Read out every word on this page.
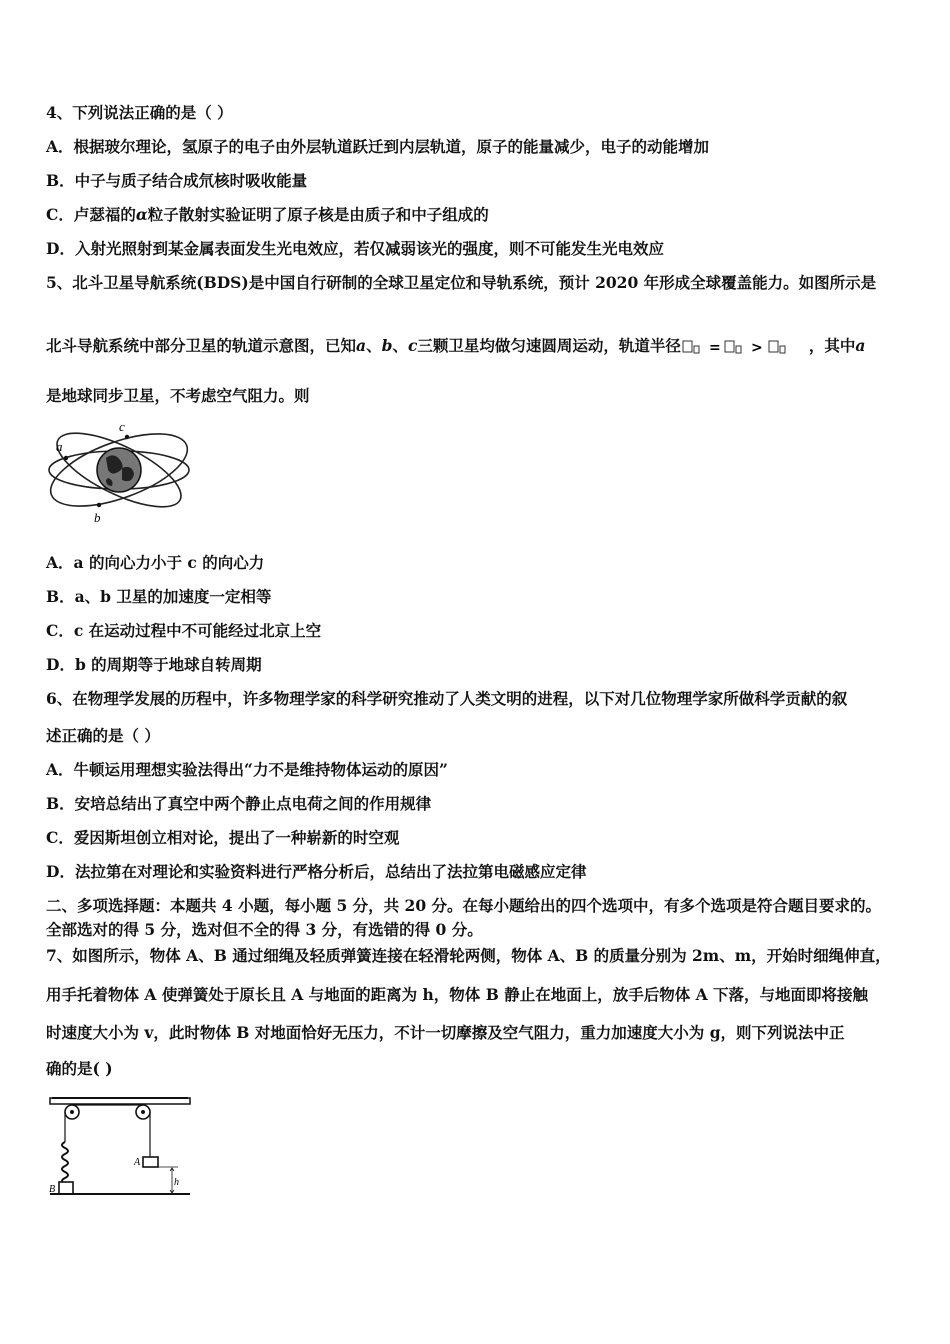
4、下列说法正确的是（ ）
A．根据玻尔理论，氢原子的电子由外层轨道跃迁到内层轨道，原子的能量减少，电子的动能增加
B．中子与质子结合成氘核时吸收能量
C．卢瑟福的α粒子散射实验证明了原子核是由质子和中子组成的
D．入射光照射到某金属表面发生光电效应，若仅减弱该光的强度，则不可能发生光电效应
5、北斗卫星导航系统(BDS)是中国自行研制的全球卫星定位和导轨系统，预计 2020 年形成全球覆盖能力。如图所示是
北斗导航系统中部分卫星的轨道示意图，已知a、b、c三颗卫星均做匀速圆周运动，轨道半径 = >	，其中a
是地球同步卫星，不考虑空气阻力。则
a
c
b
A．a 的向心力小于 c 的向心力
B．a、b 卫星的加速度一定相等
C．c 在运动过程中不可能经过北京上空
D．b 的周期等于地球自转周期
6、在物理学发展的历程中，许多物理学家的科学研究推动了人类文明的进程，以下对几位物理学家所做科学贡献的叙
述正确的是（ ）
A．牛顿运用理想实验法得出“力不是维持物体运动的原因”
B．安培总结出了真空中两个静止点电荷之间的作用规律
C．爱因斯坦创立相对论，提出了一种崭新的时空观
D．法拉第在对理论和实验资料进行严格分析后，总结出了法拉第电磁感应定律
二、多项选择题：本题共 4 小题，每小题 5 分，共 20 分。在每小题给出的四个选项中，有多个选项是符合题目要求的。
全部选对的得 5 分，选对但不全的得 3 分，有选错的得 0 分。
7、如图所示，物体 A、B 通过细绳及轻质弹簧连接在轻滑轮两侧，物体 A、B 的质量分别为 2m、m，开始时细绳伸直，
用手托着物体 A 使弹簧处于原长且 A 与地面的距离为 h，物体 B 静止在地面上，放手后物体 A 下落，与地面即将接触
时速度大小为 v，此时物体 B 对地面恰好无压力，不计一切摩擦及空气阻力，重力加速度大小为 g，则下列说法中正
确的是( )
A
B
h
